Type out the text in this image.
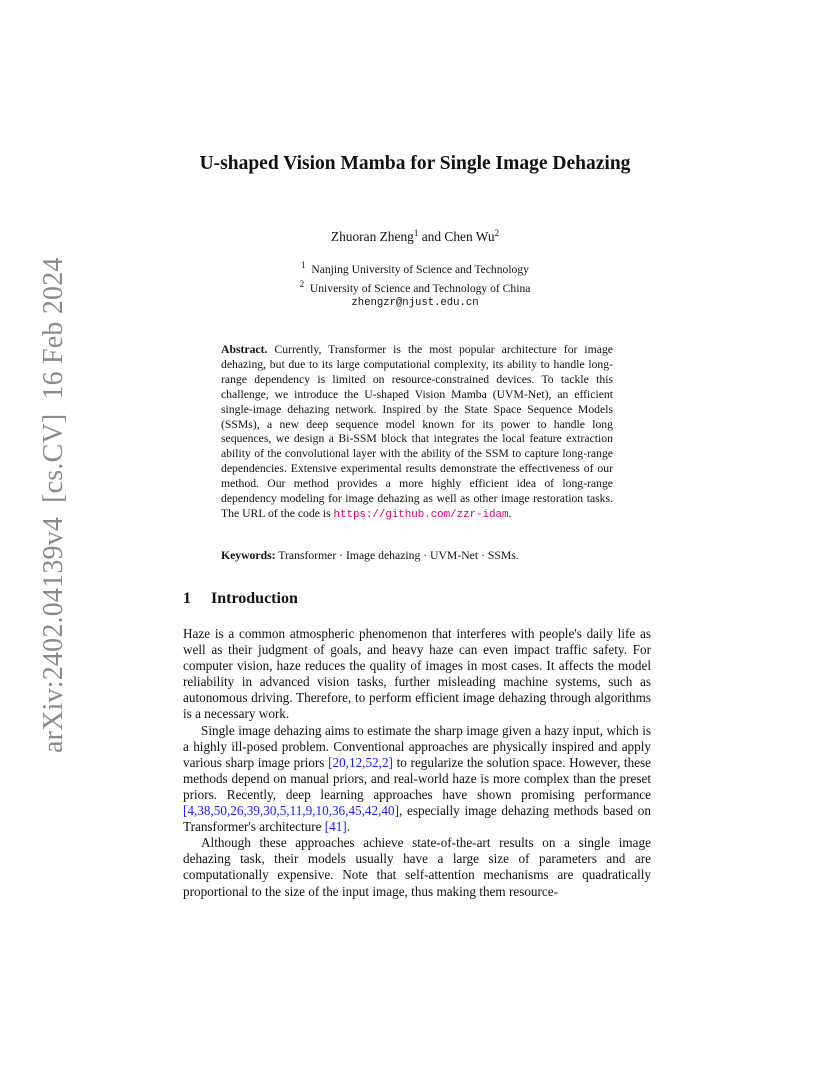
arXiv:2402.04139v4[cs.CV]16 Feb 2024
U-shaped Vision Mamba for Single Image Dehazing
Zhuoran Zheng$^1$ and Chen Wu$^2$
$^1$ Nanjing University of Science and Technology
$^2$ University of Science and Technology of China
zhengzr@njust.edu.cn
Abstract. Currently, Transformer is the most popular architecture for image dehazing, but due to its large computational complexity, its ability to handle long-range dependency is limited on resource-constrained devices. To tackle this challenge, we introduce the U-shaped Vision Mamba (UVM-Net), an efficient single-image dehazing network. Inspired by the State Space Sequence Models (SSMs), a new deep sequence model known for its power to handle long sequences, we design a Bi-SSM block that integrates the local feature extraction ability of the convolutional layer with the ability of the SSM to capture long-range dependencies. Extensive experimental results demonstrate the effectiveness of our method. Our method provides a more highly efficient idea of long-range dependency modeling for image dehazing as well as other image restoration tasks. The URL of the code is https://github.com/zzr-idam.
Keywords: Transformer · Image dehazing · UVM-Net · SSMs.
1 Introduction

Haze is a common atmospheric phenomenon that interferes with people's daily life as well as their judgment of goals, and heavy haze can even impact traffic safety. For computer vision, haze reduces the quality of images in most cases. It affects the model reliability in advanced vision tasks, further misleading machine systems, such as autonomous driving. Therefore, to perform efficient image dehazing through algorithms is a necessary work.

Single image dehazing aims to estimate the sharp image given a hazy input, which is a highly ill-posed problem. Conventional approaches are physically inspired and apply various sharp image priors [20,12,52,2] to regularize the solution space. However, these methods depend on manual priors, and real-world haze is more complex than the preset priors. Recently, deep learning approaches have shown promising performance [4,38,50,26,39,30,5,11,9,10,36,45,42,40], especially image dehazing methods based on Transformer's architecture [41].

Although these approaches achieve state-of-the-art results on a single image dehazing task, their models usually have a large size of parameters and are computationally expensive. Note that self-attention mechanisms are quadratically proportional to the size of the input image, thus making them resource-
